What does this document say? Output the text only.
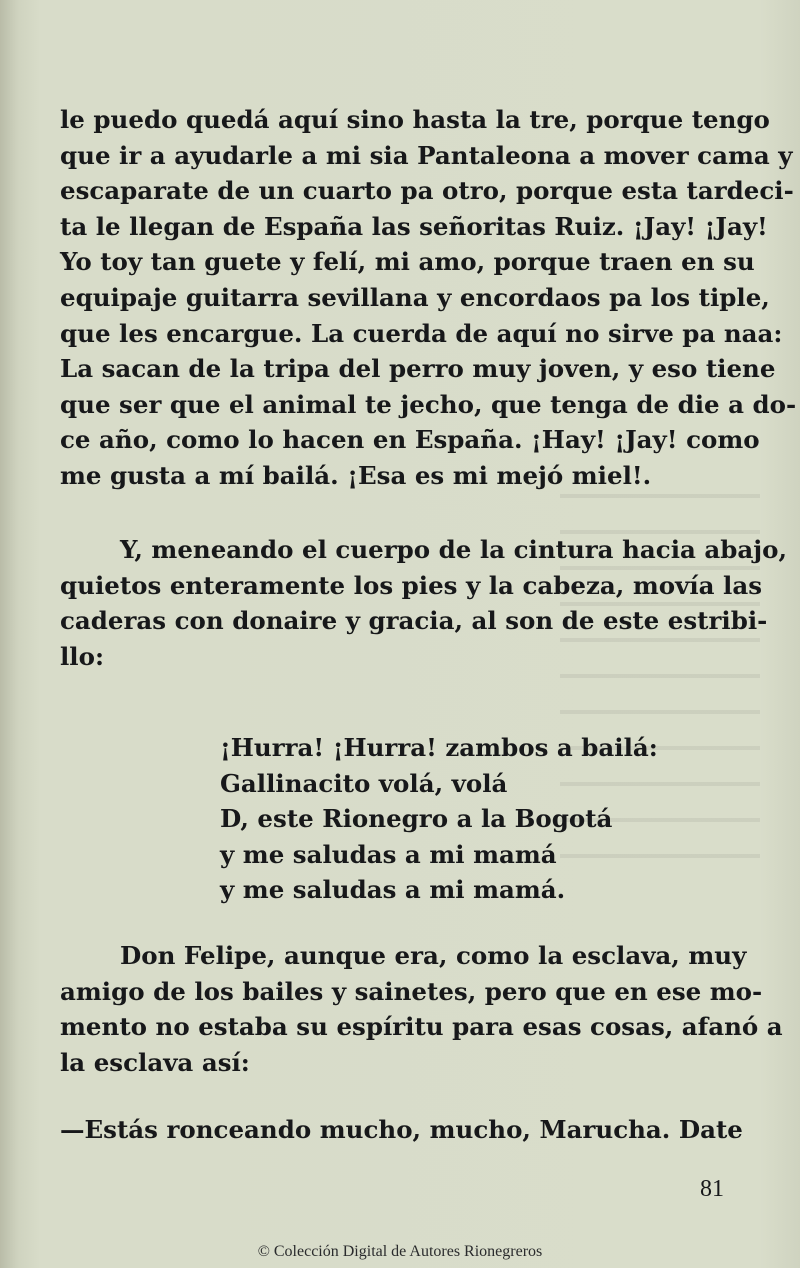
le puedo quedá aquí sino hasta la tre, porque tengo
que ir a ayudarle a mi sia Pantaleona a mover cama y
escaparate de un cuarto pa otro, porque esta tardeci-
ta le llegan de España las señoritas Ruiz. ¡Jay! ¡Jay!
Yo toy tan guete y felí, mi amo, porque traen en su
equipaje guitarra sevillana y encordaos pa los tiple,
que les encargue. La cuerda de aquí no sirve pa naa:
La sacan de la tripa del perro muy joven, y eso tiene
que ser que el animal te jecho, que tenga de die a do-
ce año, como lo hacen en España. ¡Hay! ¡Jay! como
me gusta a mí bailá. ¡Esa es mi mejó miel!.
Y, meneando el cuerpo de la cintura hacia abajo,
quietos enteramente los pies y la cabeza, movía las
caderas con donaire y gracia, al son de este estribi-
llo:
¡Hurra! ¡Hurra! zambos a bailá:
Gallinacito volá, volá
D, este Rionegro a la Bogotá
y me saludas a mi mamá
y me saludas a mi mamá.
Don Felipe, aunque era, como la esclava, muy
amigo de los bailes y sainetes, pero que en ese mo-
mento no estaba su espíritu para esas cosas, afanó a
la esclava así:
—Estás ronceando mucho, mucho, Marucha. Date
81
© Colección Digital de Autores Rionegreros
